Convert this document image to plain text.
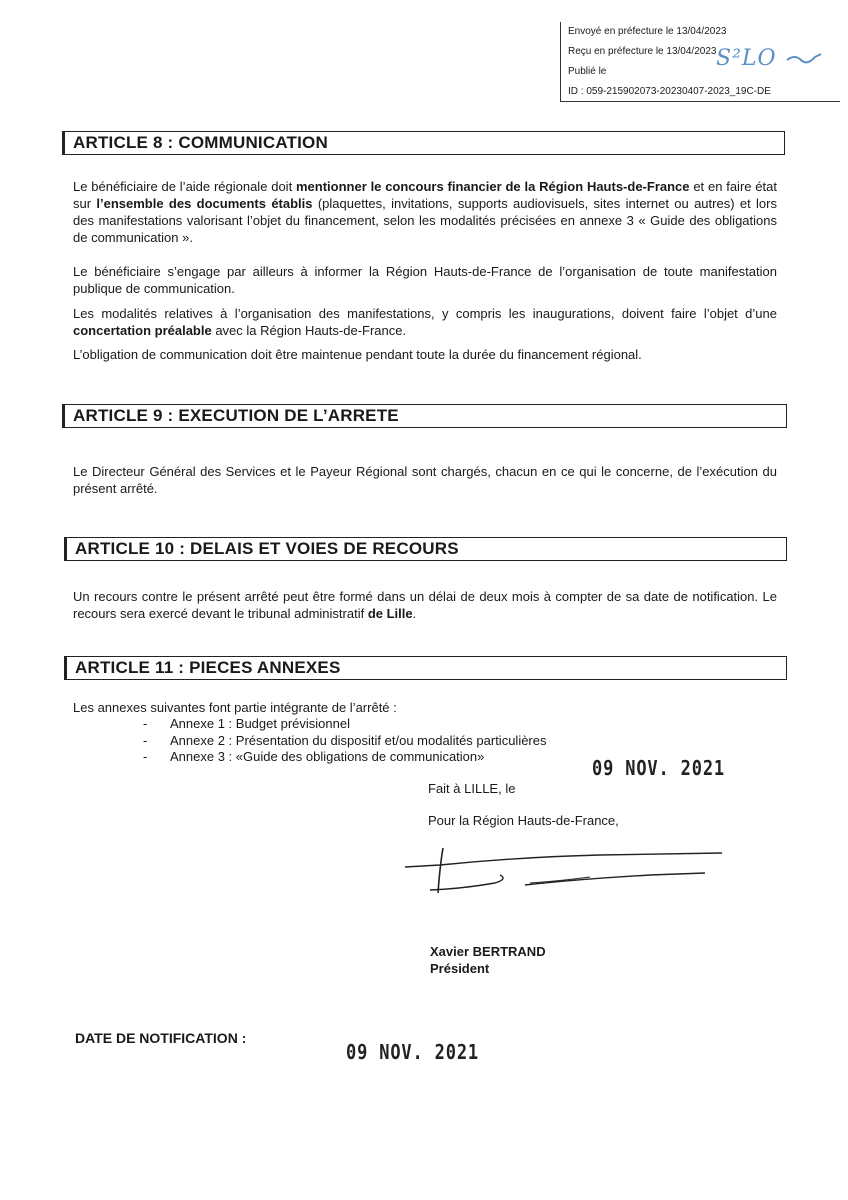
Envoyé en préfecture le 13/04/2023
Reçu en préfecture le 13/04/2023
Publié le
ID : 059-215902073-20230407-2023_19C-DE
S²LO
ARTICLE 8 : COMMUNICATION
Le bénéficiaire de l’aide régionale doit mentionner le concours financier de la Région Hauts-de-France et en faire état sur l’ensemble des documents établis (plaquettes, invitations, supports audiovisuels, sites internet ou autres) et lors des manifestations valorisant l’objet du financement, selon les modalités précisées en annexe 3 « Guide des obligations de communication ».
Le bénéficiaire s’engage par ailleurs à informer la Région Hauts-de-France de l’organisation de toute manifestation publique de communication.
Les modalités relatives à l’organisation des manifestations, y compris les inaugurations, doivent faire l’objet d’une concertation préalable avec la Région Hauts-de-France.
L’obligation de communication doit être maintenue pendant toute la durée du financement régional.
ARTICLE 9 : EXECUTION DE L’ARRETE
Le Directeur Général des Services et le Payeur Régional sont chargés, chacun en ce qui le concerne, de l’exécution du présent arrêté.
ARTICLE 10 : DELAIS ET VOIES DE RECOURS
Un recours contre le présent arrêté peut être formé dans un délai de deux mois à compter de sa date de notification. Le recours sera exercé devant le tribunal administratif de Lille.
ARTICLE 11 : PIECES ANNEXES
Les annexes suivantes font partie intégrante de l’arrêté :
-	Annexe 1 : Budget prévisionnel
-	Annexe 2 : Présentation du dispositif et/ou modalités particulières
-	Annexe 3 : «Guide des obligations de communication»	09 NOV. 2021
Fait à LILLE, le
Pour la Région Hauts-de-France,
Xavier BERTRAND
Président
DATE DE NOTIFICATION :
09 NOV. 2021
